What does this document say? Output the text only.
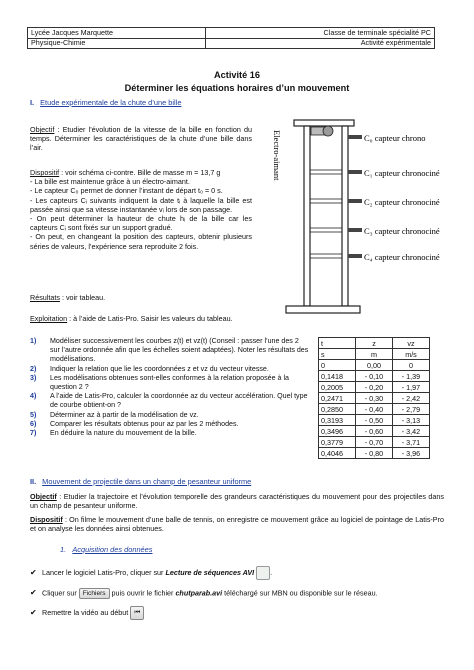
Lycée Jacques Marquette	Classe de terminale spécialité PC
Physique-Chimie	Activité expérimentale
Activité 16
Déterminer les équations horaires d’un mouvement
I. Etude expérimentale de la chute d’une bille
Objectif : Etudier l’évolution de la vitesse de la bille en fonction du temps. Déterminer les caractéristiques de la chute d’une bille dans l’air.
Dispositif : voir schéma ci-contre. Bille de masse m = 13,7 g
- La bille est maintenue grâce à un électro-aimant.
- Le capteur C₀ permet de donner l’instant de départ t₀ = 0 s.
- Les capteurs Cᵢ suivants indiquent la date tᵢ à laquelle la bille est passée ainsi que sa vitesse instantanée vᵢ lors de son passage.
- On peut déterminer la hauteur de chute hᵢ de la bille car les capteurs Cᵢ sont fixés sur un support gradué.
- On peut, en changeant la position des capteurs, obtenir plusieurs séries de valeurs, l’expérience sera reproduite 2 fois.
Résultats : voir tableau.
Exploitation : à l’aide de Latis-Pro. Saisir les valeurs du tableau.
1) Modéliser successivement les courbes z(t) et vz(t) (Conseil : passer l’une des 2 sur l’autre ordonnée afin que les échelles soient adaptées). Noter les résultats des modélisations.
2) Indiquer la relation que lie les coordonnées z et vz du vecteur vitesse.
3) Les modélisations obtenues sont-elles conformes à la relation proposée à la question 2 ?
4) A l’aide de Latis-Pro, calculer la coordonnée az du vecteur accélération. Quel type de courbe obtient-on ?
5) Déterminer az à partir de la modélisation de vz.
6) Comparer les résultats obtenus pour az par les 2 méthodes.
7) En déduire la nature du mouvement de la bille.
Electro-aimant	C₀ capteur chrono
C₁ capteur chronociné
C₂ capteur chronociné
C₃ capteur chronociné
C₄ capteur chronociné
t	z	vz
s	m	m/s
0	0,00	0
0,1418	- 0,10	- 1,39
0,2005	- 0,20	- 1,97
0,2471	- 0,30	- 2,42
0,2850	- 0,40	- 2,79
0,3193	- 0,50	- 3,13
0,3496	- 0,60	- 3,42
0,3779	- 0,70	- 3,71
0,4046	- 0,80	- 3,96
II. Mouvement de projectile dans un champ de pesanteur uniforme
Objectif : Etudier la trajectoire et l’évolution temporelle des grandeurs caractéristiques du mouvement pour des projectiles dans un champ de pesanteur uniforme.
Dispositif : On filme le mouvement d’une balle de tennis, on enregistre ce mouvement grâce au logiciel de pointage de Latis-Pro et on analyse les données ainsi obtenues.
1. Acquisition des données
✔ Lancer le logiciel Latis-Pro, cliquer sur Lecture de séquences AVI .
✔ Cliquer sur Fichiers puis ouvrir le fichier chutparab.avi téléchargé sur MBN ou disponible sur le réseau.
✔ Remettre la vidéo au début ⏮
